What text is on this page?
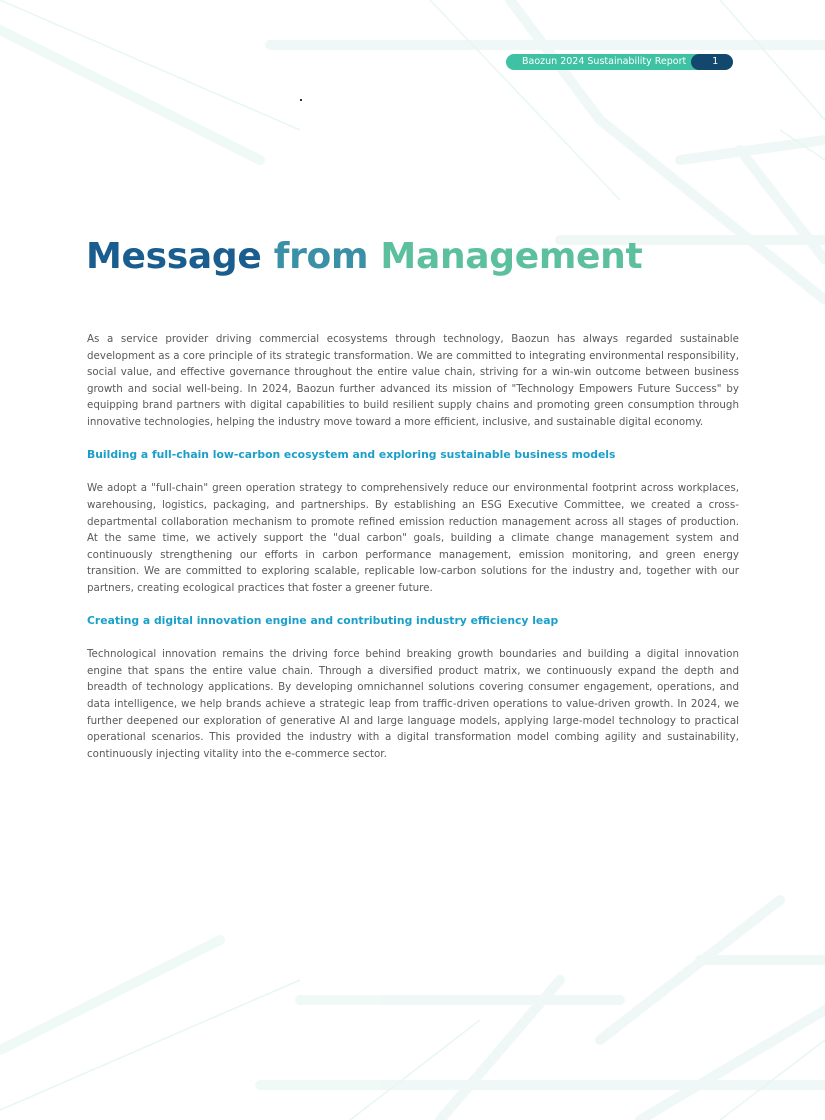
Baozun 2024 Sustainability Report	1
Message from Management

As a service provider driving commercial ecosystems through technology, Baozun has always regarded sustainable development as a core principle of its strategic transformation. We are committed to integrating environmental responsibility, social value, and effective governance throughout the entire value chain, striving for a win-win outcome between business growth and social well-being. In 2024, Baozun further advanced its mission of "Technology Empowers Future Success" by equipping brand partners with digital capabilities to build resilient supply chains and promoting green consumption through innovative technologies, helping the industry move toward a more efficient, inclusive, and sustainable digital economy.

Building a full-chain low-carbon ecosystem and exploring sustainable business models

We adopt a "full-chain" green operation strategy to comprehensively reduce our environmental footprint across workplaces, warehousing, logistics, packaging, and partnerships. By establishing an ESG Executive Committee, we created a cross-departmental collaboration mechanism to promote refined emission reduction management across all stages of production. At the same time, we actively support the "dual carbon" goals, building a climate change management system and continuously strengthening our efforts in carbon performance management, emission monitoring, and green energy transition. We are committed to exploring scalable, replicable low-carbon solutions for the industry and, together with our partners, creating ecological practices that foster a greener future.

Creating a digital innovation engine and contributing industry efficiency leap

Technological innovation remains the driving force behind breaking growth boundaries and building a digital innovation engine that spans the entire value chain. Through a diversified product matrix, we continuously expand the depth and breadth of technology applications. By developing omnichannel solutions covering consumer engagement, operations, and data intelligence, we help brands achieve a strategic leap from traffic-driven operations to value-driven growth. In 2024, we further deepened our exploration of generative AI and large language models, applying large-model technology to practical operational scenarios. This provided the industry with a digital transformation model combing agility and sustainability, continuously injecting vitality into the e-commerce sector.
